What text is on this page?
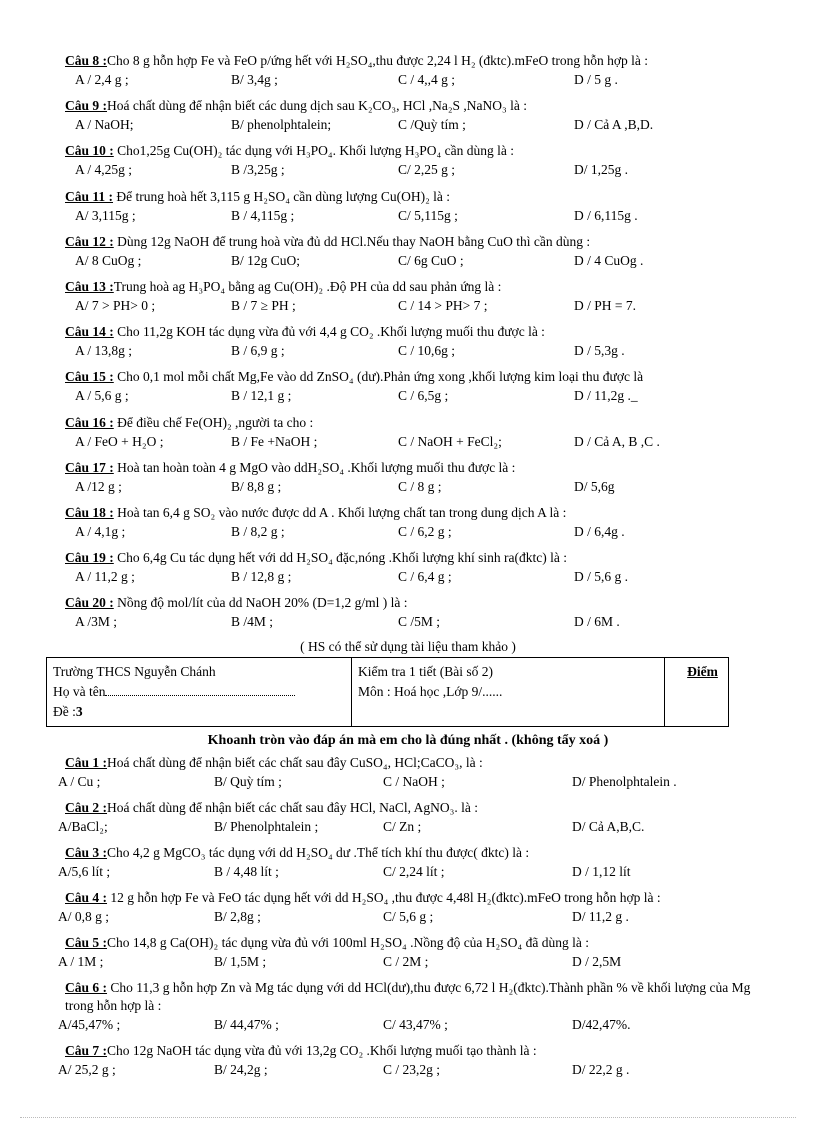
Câu 8 :Cho 8 g hỗn hợp Fe và FeO p/ứng hết với H₂SO₄,thu được 2,24 l H₂ (đktc).mFeO trong hỗn hợp là :
A / 2,4 g ;	B/ 3,4g ;	C / 4,,4 g ;	D / 5 g .
Câu 9 :Hoá chất dùng để nhận biết các dung dịch sau K₂CO₃, HCl ,Na₂S ,NaNO₃ là :
A / NaOH;	B/ phenolphtalein;	C /Quỳ tím ;	D / Cả A ,B,D.
Câu 10 : Cho1,25g Cu(OH)₂ tác dụng với H₃PO₄. Khối lượng H₃PO₄ cần dùng là :
A / 4,25g ;	B /3,25g ;	C/ 2,25 g ;	D/ 1,25g .
Câu 11 : Để trung hoà hết 3,115 g H₂SO₄ cần dùng lượng Cu(OH)₂ là :
A/ 3,115g ;	B / 4,115g ;	C/ 5,115g ;	D / 6,115g .
Câu 12 : Dùng 12g NaOH để trung hoà vừa đủ dd HCl.Nếu thay NaOH bằng CuO thì cần dùng :
A/ 8 CuOg ;	B/ 12g CuO;	C/ 6g CuO ;	D / 4 CuOg .
Câu 13 :Trung hoà ag H₃PO₄ bằng ag Cu(OH)₂ .Độ PH của dd sau phản ứng là :
A/ 7 > PH> 0 ;	B / 7 ≥ PH ;	C / 14 > PH> 7 ;	D / PH = 7.
Câu 14 : Cho 11,2g KOH tác dụng vừa đủ với 4,4 g CO₂ .Khối lượng muối thu được là :
A / 13,8g ;	B / 6,9 g ;	C / 10,6g ;	D / 5,3g .
Câu 15 : Cho 0,1 mol mỗi chất Mg,Fe vào dd ZnSO₄ (dư).Phản ứng xong ,khối lượng kim loại thu được là
A / 5,6 g ;	B / 12,1 g ;	C / 6,5g ;	D / 11,2g ._
Câu 16 : Để điều chế Fe(OH)₂ ,người ta cho :
A / FeO + H₂O ;	B / Fe +NaOH ;	C / NaOH + FeCl₂;	D / Cả A, B ,C .
Câu 17 : Hoà tan hoàn toàn 4 g MgO vào ddH₂SO₄ .Khối lượng muối thu được là :
A /12 g ;	B/ 8,8 g ;	C / 8 g ;	D/ 5,6g
Câu 18 : Hoà tan 6,4 g SO₂ vào nước được dd A . Khối lượng chất tan trong dung dịch A là :
A / 4,1g ;	B / 8,2 g ;	C / 6,2 g ;	D / 6,4g .
Câu 19 : Cho 6,4g Cu tác dụng hết với dd H₂SO₄ đặc,nóng .Khối lượng khí sinh ra(đktc) là :
A / 11,2 g ;	B / 12,8 g ;	C / 6,4 g ;	D / 5,6 g .
Câu 20 : Nồng độ mol/lít của dd NaOH 20% (D=1,2 g/ml ) là :
A /3M ;	B /4M ;	C /5M ;	D / 6M .
( HS có thể sử dụng tài liệu tham khảo )
Trường THCS Nguyễn Chánh
Họ và tên
Đề :3
Kiểm tra 1 tiết (Bài số 2)
Môn : Hoá học ,Lớp 9/......
Điểm
Khoanh tròn vào đáp án mà em cho là đúng nhất . (không tẩy xoá )
Câu 1 :Hoá chất dùng để nhận biết các chất sau đây CuSO₄, HCl;CaCO₃, là :
A / Cu ;	B/ Quỳ tím ;	C / NaOH ;	D/ Phenolphtalein .
Câu 2 :Hoá chất dùng để nhận biết các chất sau đây HCl, NaCl, AgNO₃. là :
A/BaCl₂;	B/ Phenolphtalein ;	C/ Zn ;	D/ Cả A,B,C.
Câu 3 :Cho 4,2 g MgCO₃ tác dụng với dd H₂SO₄ dư .Thể tích khí thu được( đktc) là :
A/5,6 lít ;	B / 4,48 lít ;	C/ 2,24 lít ;	D / 1,12 lít
Câu 4 : 12 g hỗn hợp Fe và FeO tác dụng hết với dd H₂SO₄ ,thu được 4,48l H₂(đktc).mFeO trong hỗn hợp là :
A/ 0,8 g ;	B/ 2,8g ;	C/ 5,6 g ;	D/ 11,2 g .
Câu 5 :Cho 14,8 g Ca(OH)₂ tác dụng vừa đủ với 100ml H₂SO₄ .Nồng độ của H₂SO₄ đã dùng là :
A / 1M ;	B/ 1,5M ;	C / 2M ;	D / 2,5M
Câu 6 : Cho 11,3 g hỗn hợp Zn và Mg tác dụng với dd HCl(dư),thu được 6,72 l H₂(đktc).Thành phần % về khối lượng của Mg trong hỗn hợp là :
A/45,47% ;	B/ 44,47% ;	C/ 43,47% ;	D/42,47%.
Câu 7 :Cho 12g NaOH tác dụng vừa đủ với 13,2g CO₂ .Khối lượng muối tạo thành là :
A/ 25,2 g ;	B/ 24,2g ;	C / 23,2g ;	D/ 22,2 g .
